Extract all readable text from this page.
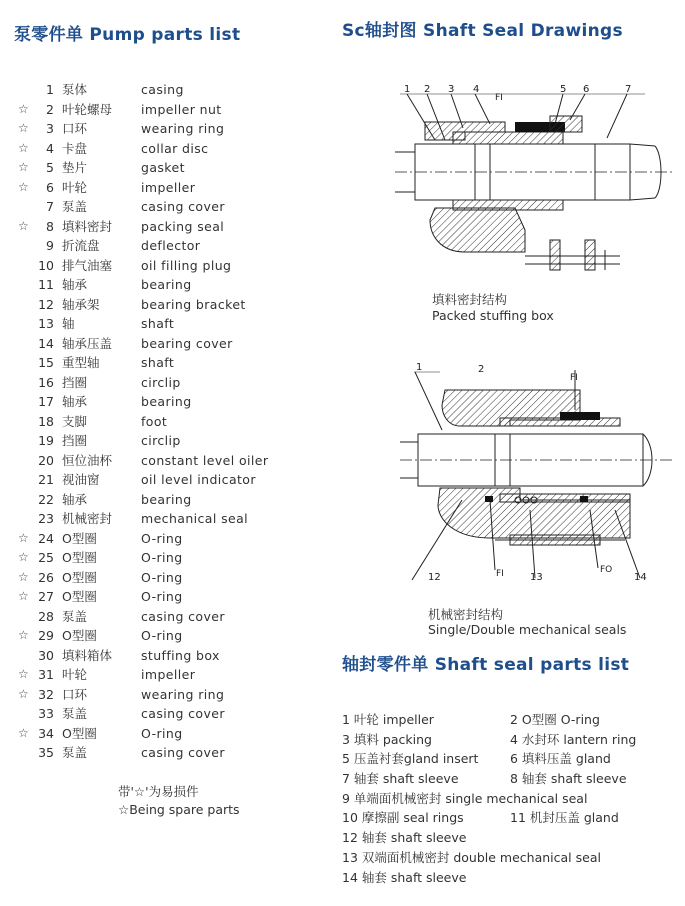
泵零件单 Pump parts list	Sc轴封图 Shaft Seal Drawings
1 泵体	casing
☆	2 叶轮螺母 impeller nut
☆	3 口环	wearing ring
☆	4 卡盘	collar disc
☆	5 垫片	gasket
☆	6 叶轮	impeller
7 泵盖	casing cover
☆	8 填料密封 packing seal
9 折流盘	deflector
10 排气油塞 oil filling plug
11 轴承	bearing
12 轴承架	bearing bracket
13 轴	shaft
14 轴承压盖 bearing cover
15 重型轴	shaft
16 挡圈	circlip
17 轴承	bearing
18 支脚	foot
19 挡圈	circlip
20 恒位油杯 constant level oiler
21 视油窗	oil level indicator
22 轴承	bearing
23 机械密封 mechanical seal
☆ 24 O型圈	O-ring
☆ 25 O型圈	O-ring
☆ 26 O型圈	O-ring
☆ 27 O型圈	O-ring
28 泵盖	casing cover
☆ 29 O型圈	O-ring
30 填料箱体 stuffing box
☆ 31 叶轮	impeller
☆ 32 口环	wearing ring
33 泵盖	casing cover
☆ 34 O型圈	O-ring
35 泵盖	casing cover
带'☆'为易损件
☆Being spare parts
1 2 3 4
FI
5 6	7
填料密封结构
Packed stuffing box
1	2
FI
12	FI	13
FO
14
机械密封结构
Single/Double mechanical seals
轴封零件单 Shaft seal parts list
1 叶轮 impeller	2 O型圈 O-ring
3 填料 packing	4 水封环 lantern ring
5 压盖衬套gland insert	6 填料压盖 gland
7 轴套 shaft sleeve	8 轴套 shaft sleeve
9 单端面机械密封 single mechanical seal
10 摩擦副 seal rings	11 机封压盖 gland
12 轴套 shaft sleeve
13 双端面机械密封 double mechanical seal
14 轴套 shaft sleeve
